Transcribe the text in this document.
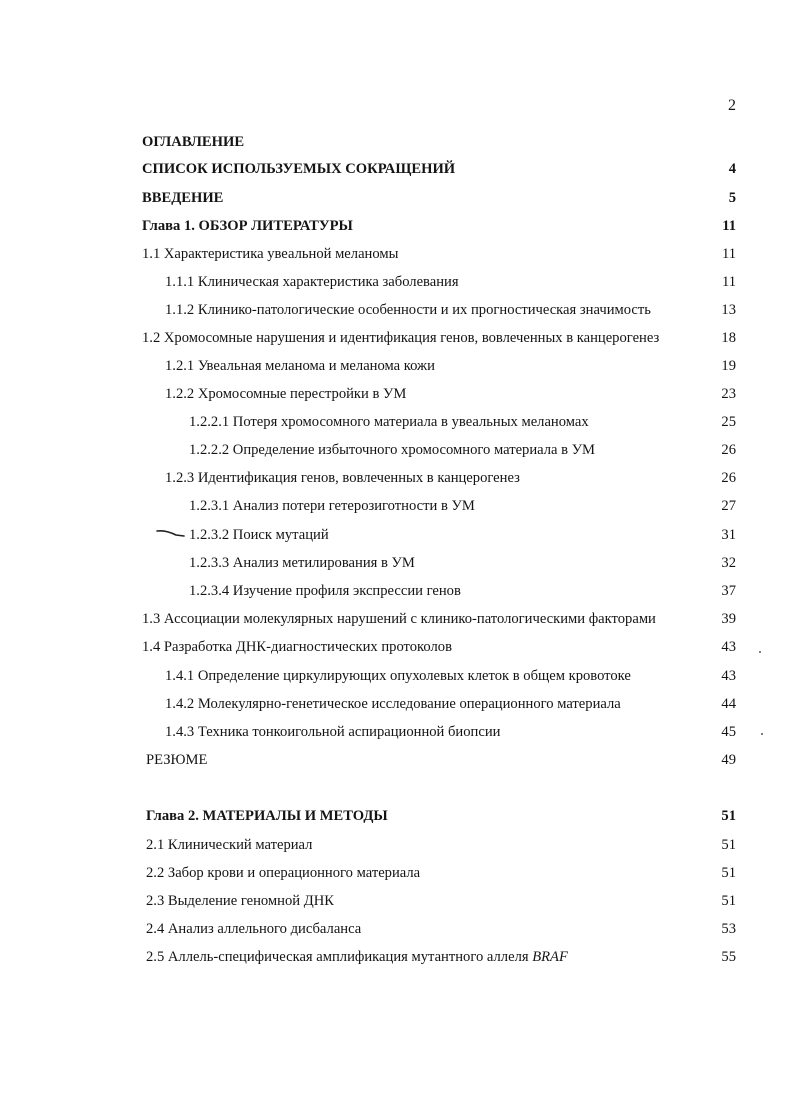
2
ОГЛАВЛЕНИЕ
СПИСОК ИСПОЛЬЗУЕМЫХ СОКРАЩЕНИЙ	4
ВВЕДЕНИЕ	5
Глава 1. ОБЗОР ЛИТЕРАТУРЫ	11
1.1 Характеристика увеальной меланомы	11
1.1.1 Клиническая характеристика заболевания	11
1.1.2 Клинико-патологические особенности и их прогностическая значимость	13
1.2 Хромосомные нарушения и идентификация генов, вовлеченных в канцерогенез	18
1.2.1 Увеальная меланома и меланома кожи	19
1.2.2 Хромосомные перестройки в УМ	23
1.2.2.1 Потеря хромосомного материала в увеальных меланомах	25
1.2.2.2 Определение избыточного хромосомного материала в УМ	26
1.2.3 Идентификация генов, вовлеченных в канцерогенез	26
1.2.3.1 Анализ потери гетерозиготности в УМ	27
1.2.3.2 Поиск мутаций	31
1.2.3.3 Анализ метилирования в УМ	32
1.2.3.4 Изучение профиля экспрессии генов	37
1.3 Ассоциации молекулярных нарушений с клинико-патологическими факторами	39
1.4 Разработка ДНК-диагностических протоколов	43
1.4.1 Определение циркулирующих опухолевых клеток в общем кровотоке	43
1.4.2 Молекулярно-генетическое исследование операционного материала	44
1.4.3 Техника тонкоигольной аспирационной биопсии	45
РЕЗЮМЕ	49
Глава 2. МАТЕРИАЛЫ И МЕТОДЫ	51
2.1 Клинический материал	51
2.2 Забор крови и операционного материала	51
2.3 Выделение геномной ДНК	51
2.4 Анализ аллельного дисбаланса	53
2.5 Аллель-специфическая амплификация мутантного аллеля BRAF	55
